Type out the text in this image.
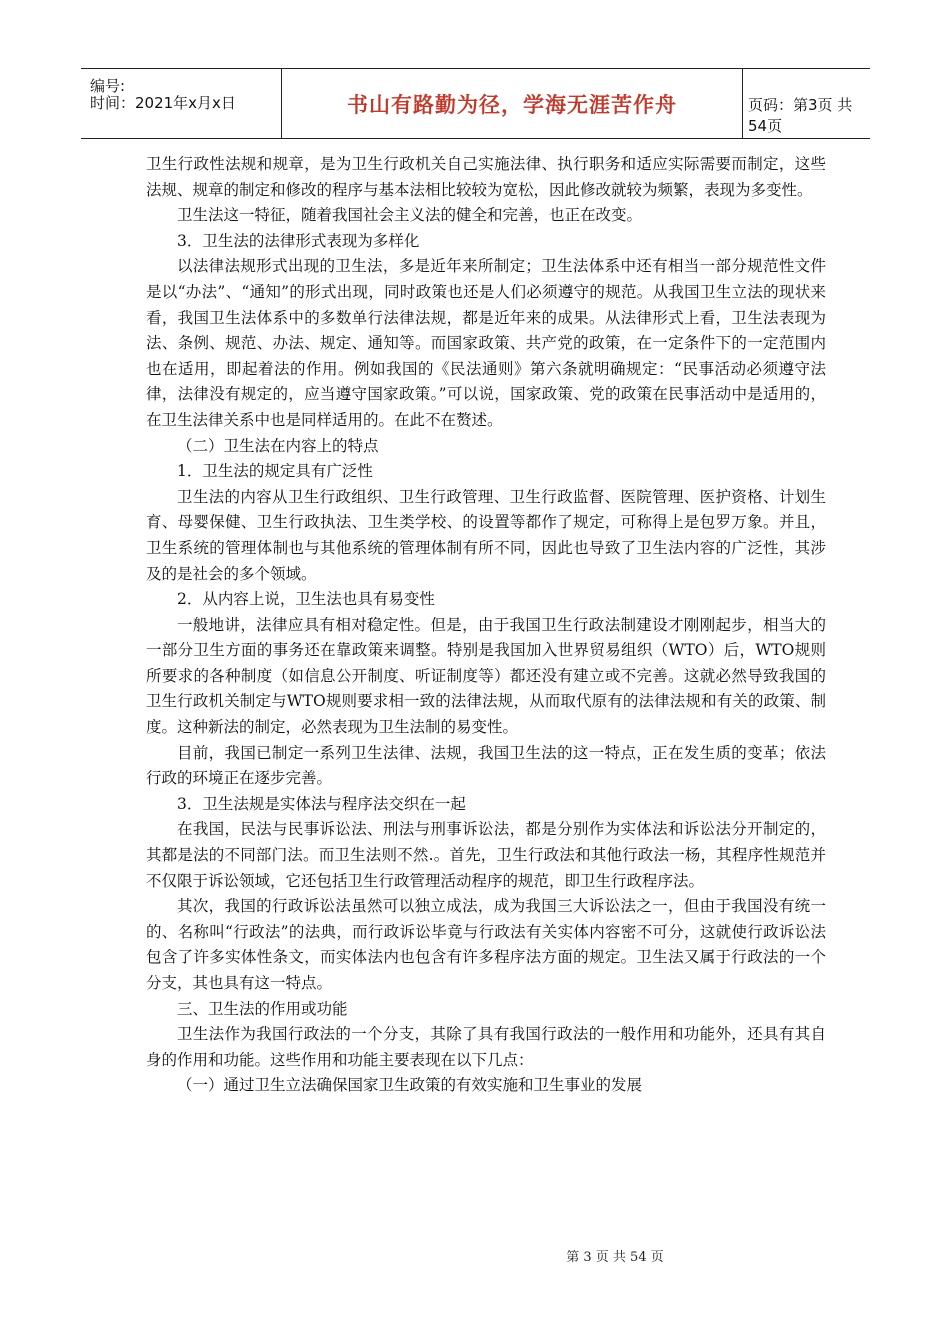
编号:
时间：2021年x月x日	书山有路勤为径，学海无涯苦作舟	页码：第3页 共54页

卫生行政性法规和规章，是为卫生行政机关自己实施法律、执行职务和适应实际需要而制定，这些法规、规章的制定和修改的程序与基本法相比较较为宽松，因此修改就较为频繁，表现为多变性。

卫生法这一特征，随着我国社会主义法的健全和完善，也正在改变。

3．卫生法的法律形式表现为多样化

以法律法规形式出现的卫生法，多是近年来所制定；卫生法体系中还有相当一部分规范性文件是以“办法”、“通知”的形式出现，同时政策也还是人们必须遵守的规范。从我国卫生立法的现状来看，我国卫生法体系中的多数单行法律法规，都是近年来的成果。从法律形式上看，卫生法表现为法、条例、规范、办法、规定、通知等。而国家政策、共产党的政策，在一定条件下的一定范围内也在适用，即起着法的作用。例如我国的《民法通则》第六条就明确规定：“民事活动必须遵守法律，法律没有规定的，应当遵守国家政策。”可以说，国家政策、党的政策在民事活动中是适用的，在卫生法律关系中也是同样适用的。在此不在赘述。

（二）卫生法在内容上的特点

1．卫生法的规定具有广泛性

卫生法的内容从卫生行政组织、卫生行政管理、卫生行政监督、医院管理、医护资格、计划生育、母婴保健、卫生行政执法、卫生类学校、的设置等都作了规定，可称得上是包罗万象。并且，卫生系统的管理体制也与其他系统的管理体制有所不同，因此也导致了卫生法内容的广泛性，其涉及的是社会的多个领域。

2．从内容上说，卫生法也具有易变性

一般地讲，法律应具有相对稳定性。但是，由于我国卫生行政法制建设才刚刚起步，相当大的一部分卫生方面的事务还在靠政策来调整。特别是我国加入世界贸易组织（WTO）后，WTO规则所要求的各种制度（如信息公开制度、听证制度等）都还没有建立或不完善。这就必然导致我国的卫生行政机关制定与WTO规则要求相一致的法律法规，从而取代原有的法律法规和有关的政策、制度。这种新法的制定，必然表现为卫生法制的易变性。

目前，我国已制定一系列卫生法律、法规，我国卫生法的这一特点，正在发生质的变革；依法行政的环境正在逐步完善。

3．卫生法规是实体法与程序法交织在一起

在我国，民法与民事诉讼法、刑法与刑事诉讼法，都是分别作为实体法和诉讼法分开制定的，其都是法的不同部门法。而卫生法则不然.。首先，卫生行政法和其他行政法一杨，其程序性规范并不仅限于诉讼领域，它还包括卫生行政管理活动程序的规范，即卫生行政程序法。

其次，我国的行政诉讼法虽然可以独立成法，成为我国三大诉讼法之一，但由于我国没有统一的、名称叫“行政法”的法典，而行政诉讼毕竟与行政法有关实体内容密不可分，这就使行政诉讼法包含了许多实体性条文，而实体法内也包含有许多程序法方面的规定。卫生法又属于行政法的一个分支，其也具有这一特点。

三、卫生法的作用或功能

卫生法作为我国行政法的一个分支，其除了具有我国行政法的一般作用和功能外，还具有其自身的作用和功能。这些作用和功能主要表现在以下几点：

（一）通过卫生立法确保国家卫生政策的有效实施和卫生事业的发展

第 3 页 共 54 页
